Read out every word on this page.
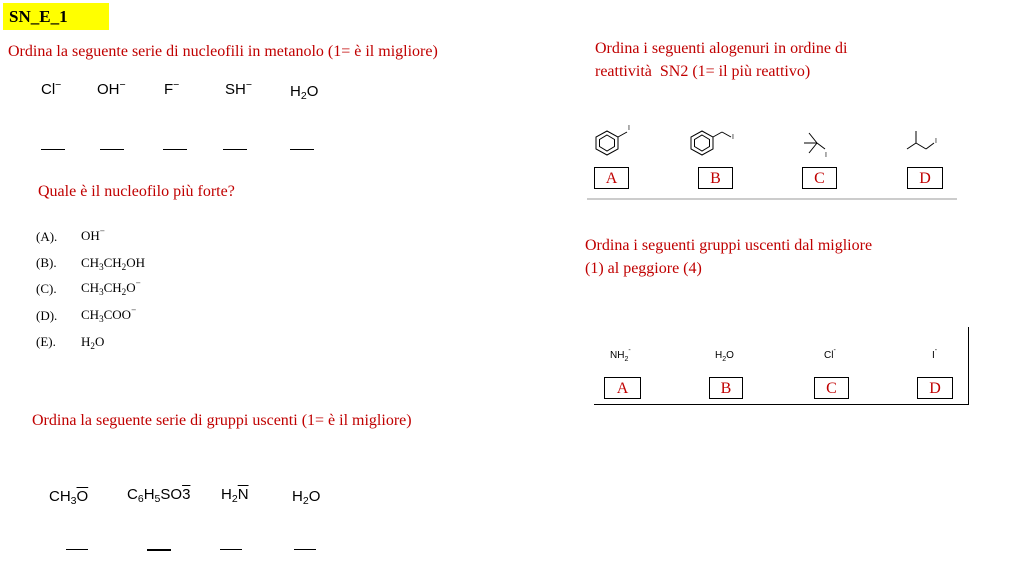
SN_E_1
Ordina la seguente serie di nucleofili in metanolo (1= è il migliore)
Cl− OH−	F−	SH−	$H_2O$
Quale è il nucleofilo più forte?
(A). OH−
(B). $CH_3CH_2OH$
(C). $CH_3CH_2O^-$
(D). $CH_3COO^-$
(E). $H_2O$
Ordina la seguente serie di gruppi uscenti (1= è il migliore)
$CH_3\overline{O}$	$C_6H_5SO3$ $H_2\overline{N}$	$H_2O$
Ordina i seguenti alogenuri in ordine di
reattività  SN2 (1= il più reattivo)
I
I
I
I
A	B	C	D
Ordina i seguenti gruppi uscenti dal migliore
(1) al peggiore (4)
$NH_2^-$	$H_2O$	Cl-	I-
A	B	C	D
